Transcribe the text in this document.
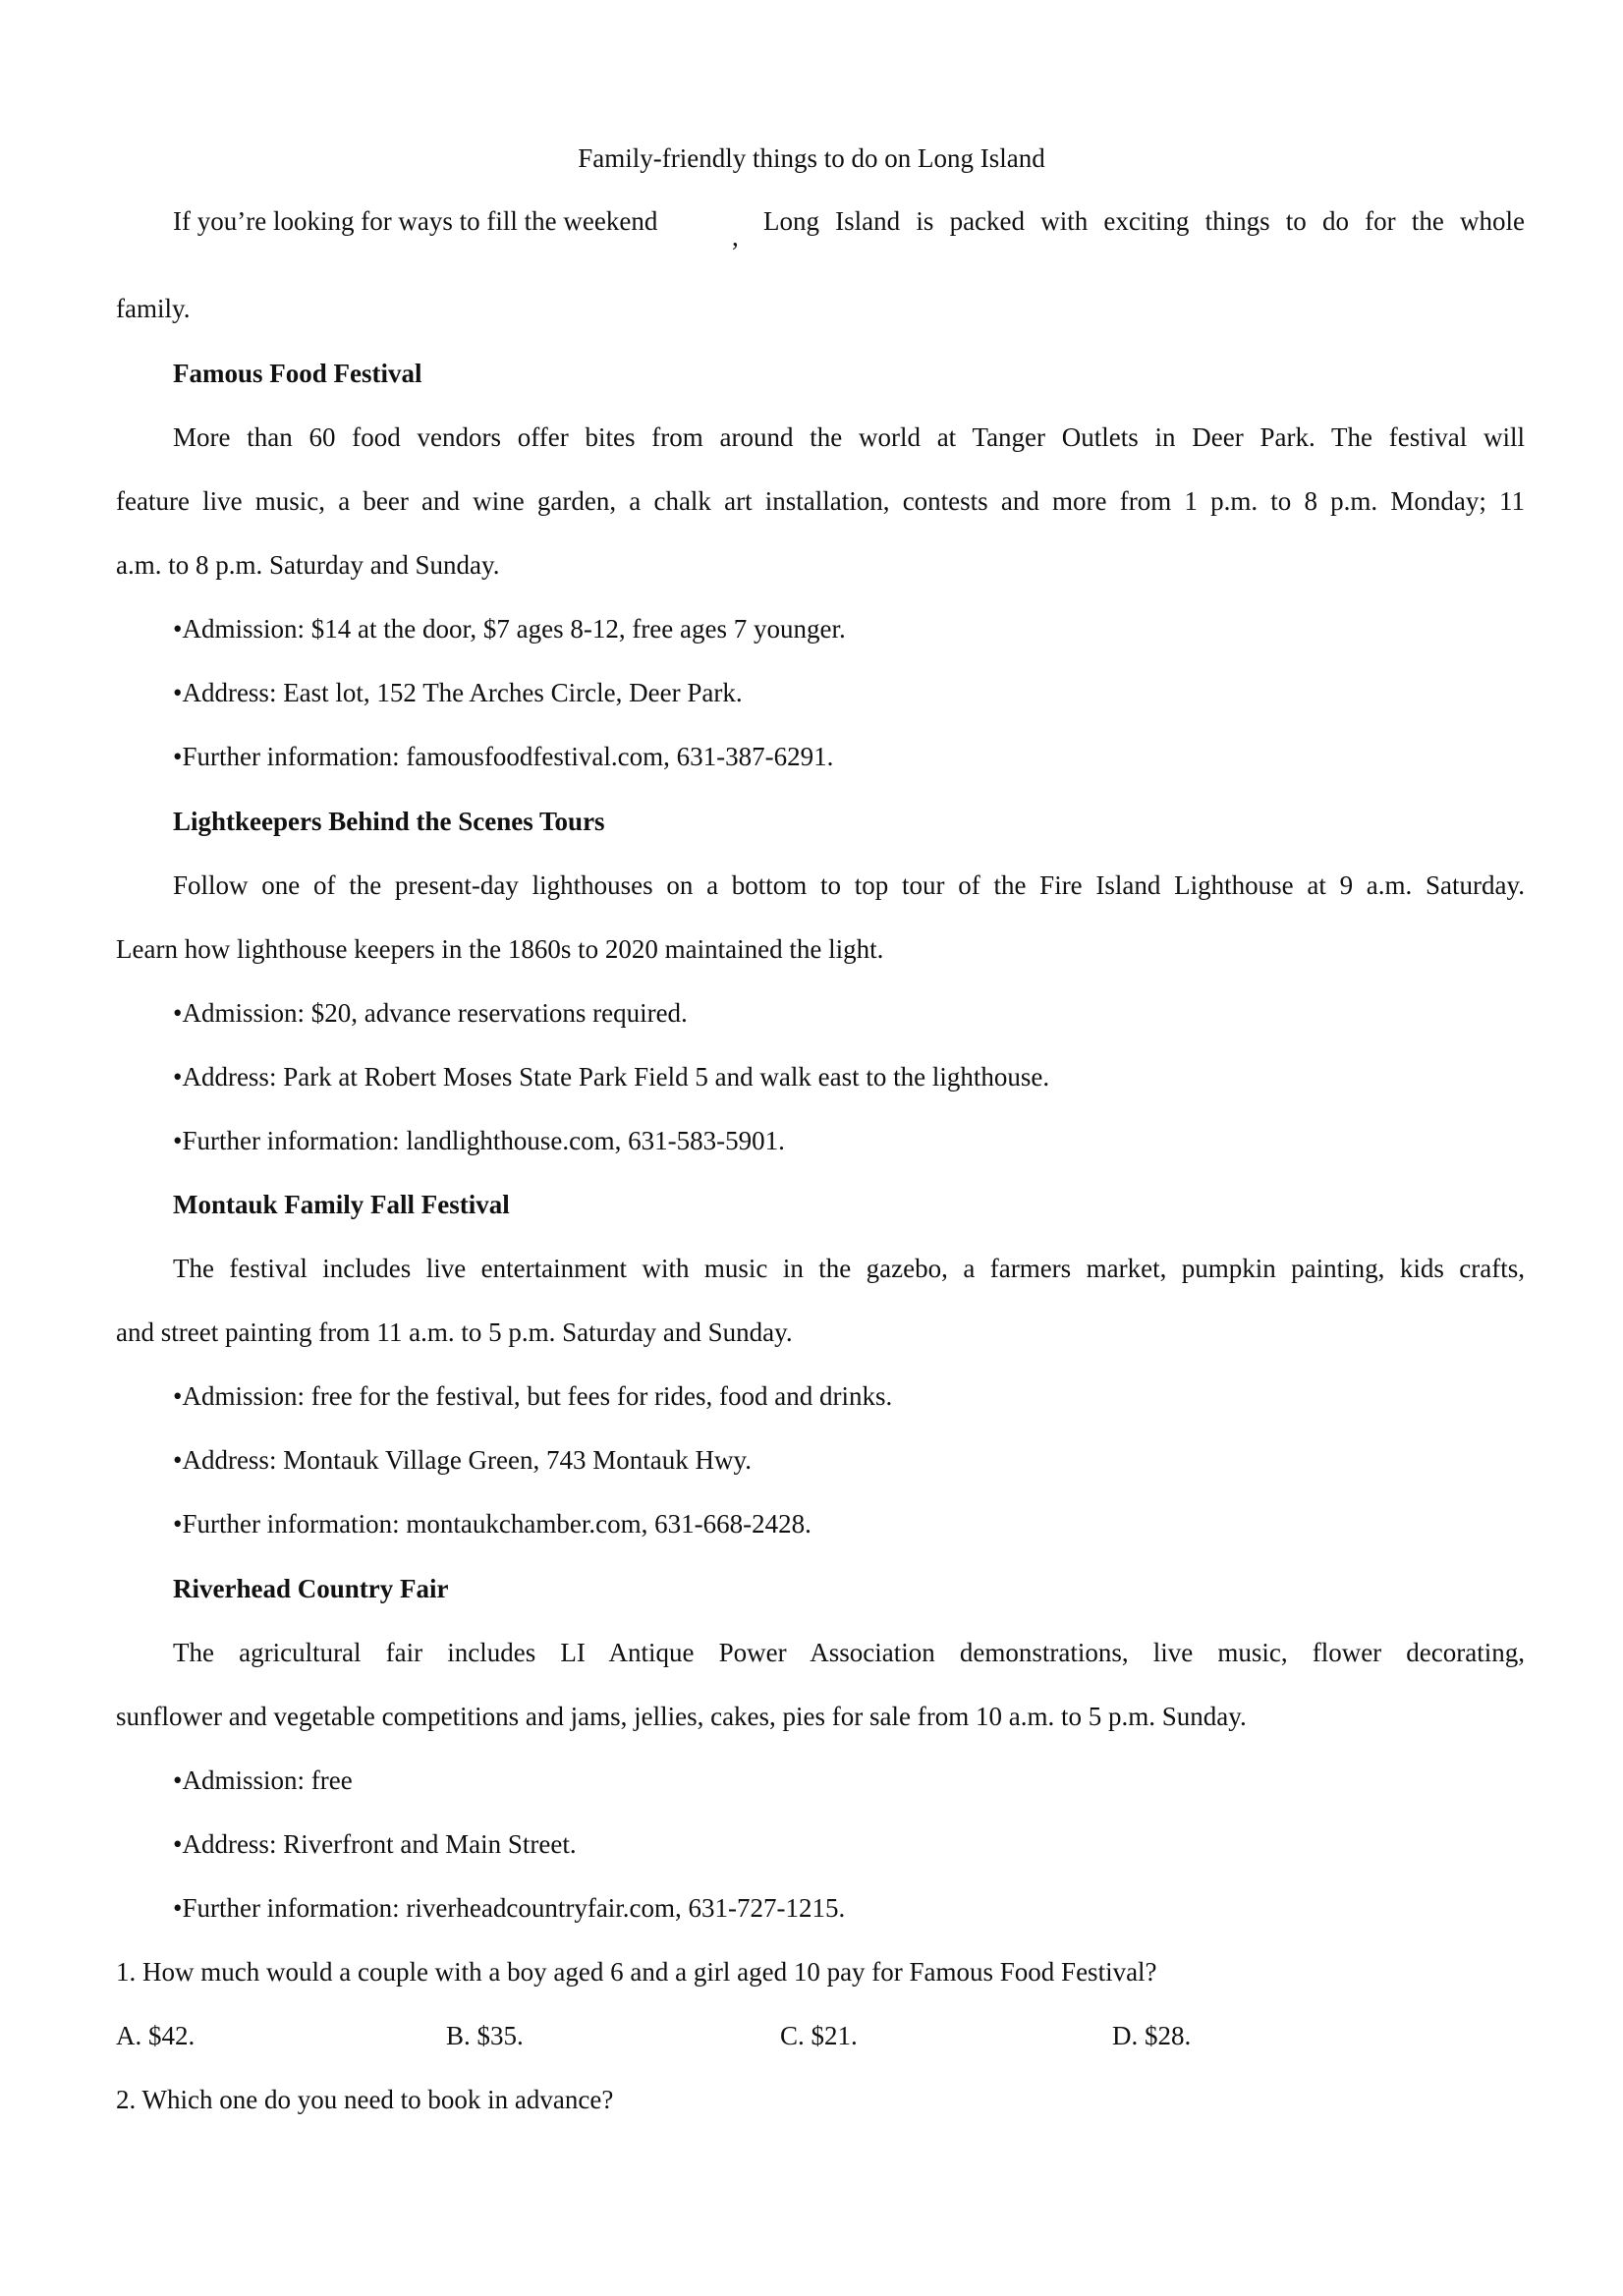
Family-friendly things to do on Long Island
If you’re looking for ways to fill the weekend
,
Long Island is packed with exciting things to do for the whole
family.
Famous Food Festival
More than 60 food vendors offer bites from around the world at Tanger Outlets in Deer Park. The festival will
feature live music, a beer and wine garden, a chalk art installation, contests and more from 1 p.m. to 8 p.m. Monday; 11
a.m. to 8 p.m. Saturday and Sunday.
•Admission: $14 at the door, $7 ages 8-12, free ages 7 younger.
•Address: East lot, 152 The Arches Circle, Deer Park.
•Further information: famousfoodfestival.com, 631-387-6291.
Lightkeepers Behind the Scenes Tours
Follow one of the present-day lighthouses on a bottom to top tour of the Fire Island Lighthouse at 9 a.m. Saturday.
Learn how lighthouse keepers in the 1860s to 2020 maintained the light.
•Admission: $20, advance reservations required.
•Address: Park at Robert Moses State Park Field 5 and walk east to the lighthouse.
•Further information: landlighthouse.com, 631-583-5901.
Montauk Family Fall Festival
The festival includes live entertainment with music in the gazebo, a farmers market, pumpkin painting, kids crafts,
and street painting from 11 a.m. to 5 p.m. Saturday and Sunday.
•Admission: free for the festival, but fees for rides, food and drinks.
•Address: Montauk Village Green, 743 Montauk Hwy.
•Further information: montaukchamber.com, 631-668-2428.
Riverhead Country Fair
The agricultural fair includes LI Antique Power Association demonstrations, live music, flower decorating,
sunflower and vegetable competitions and jams, jellies, cakes, pies for sale from 10 a.m. to 5 p.m. Sunday.
•Admission: free
•Address: Riverfront and Main Street.
•Further information: riverheadcountryfair.com, 631-727-1215.
1. How much would a couple with a boy aged 6 and a girl aged 10 pay for Famous Food Festival?
A. $42.	B. $35.	C. $21.	D. $28.
2. Which one do you need to book in advance?
